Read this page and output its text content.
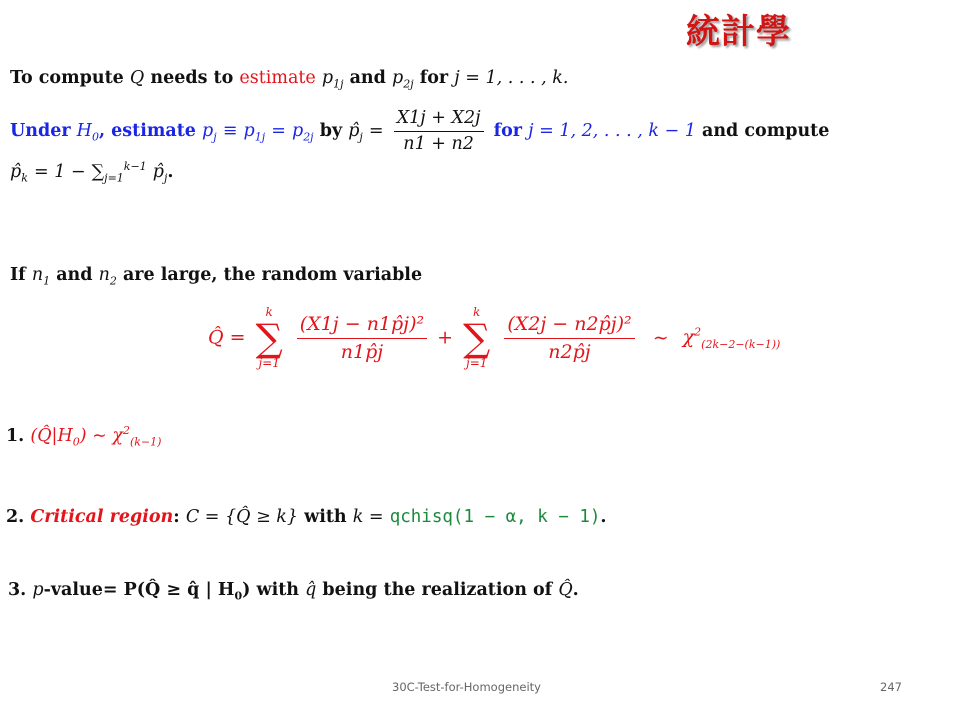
統計學
To compute Q needs to estimate $p_{1j}$ and $p_{2j}$ for j = 1, . . . , k.
Under $H_0$, estimate $p_j \equiv p_{1j} = p_{2j}$ by $p̂_j = \frac{X1j + X2j}{n1 + n2}$ for j = 1, 2, . . . , k − 1 and compute
$p̂_k = 1 - \sum_{j=1}^{k-1}$ $p̂_j$.
If $n_1$ and $n_2$ are large, the random variable
Q̂ =
k
∑
j=1
$\frac{\text{(X1j − n1p̂j)²}}{n1p̂j}$ +
k
∑
j=1
$\frac{\text{(X2j − n2p̂j)²}}{n2p̂j}$ ∼ $\chi^2_{(2k-2-(k-1))}$
1. $(Q̂|H_0)$ ∼ $\chi^2_{(k-1)}$
2. Critical region: C = {Q̂ ≥ k} with k = qchisq(1 − α, k − 1).
3. p-value= P(Q̂ ≥ q̂ | $H_0$) with q̂ being the realization of Q̂.
30C-Test-for-Homogeneity	247
